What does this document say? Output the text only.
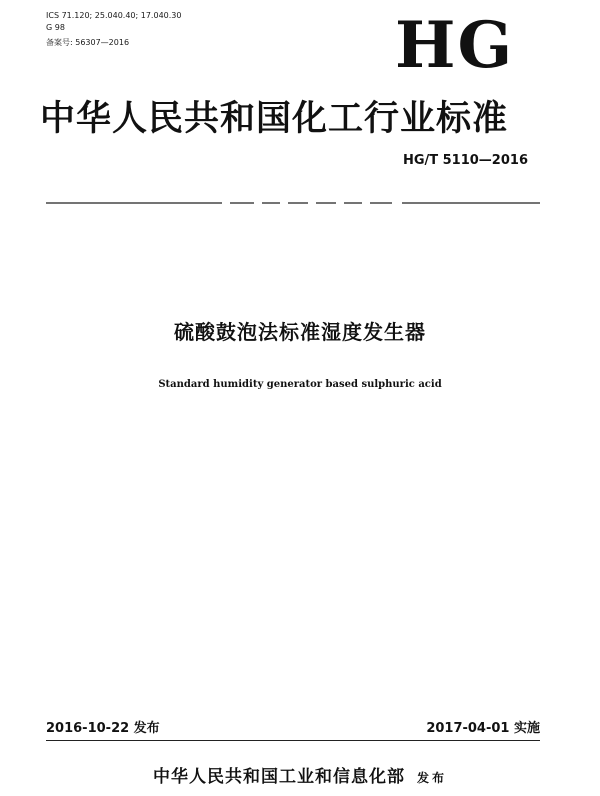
ICS 71.120; 25.040.40; 17.040.30
G 98
备案号: 56307—2016	HG
中华人民共和国化工行业标准
HG/T 5110—2016
硫酸鼓泡法标准湿度发生器
Standard humidity generator based sulphuric acid
2016-10-22 发布	2017-04-01 实施
中华人民共和国工业和信息化部 发布
